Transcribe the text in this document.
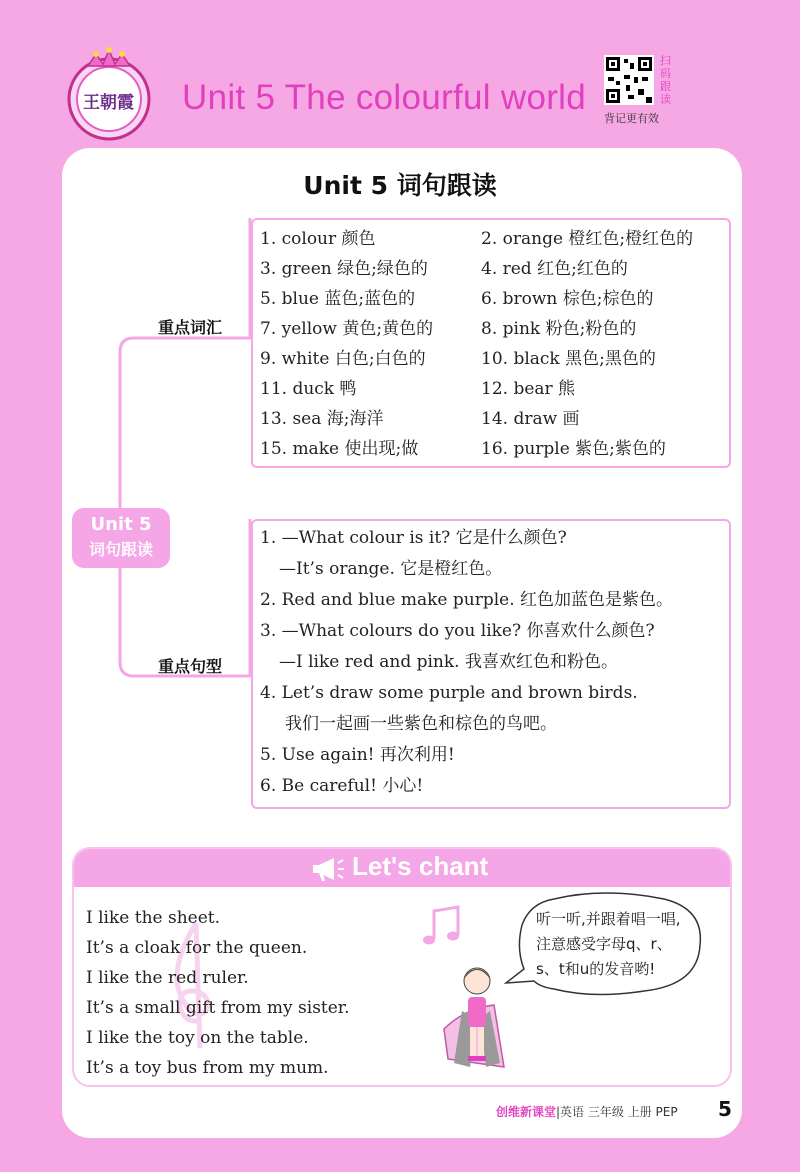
王朝霞 Unit 5 The colourful world
扫码跟读
背记更有效
Unit 5 词句跟读
Unit 5
词句跟读
重点词汇
重点句型
1. colour 颜色	2. orange 橙红色;橙红色的
3. green 绿色;绿色的	4. red 红色;红色的
5. blue 蓝色;蓝色的	6. brown 棕色;棕色的
7. yellow 黄色;黄色的	8. pink 粉色;粉色的
9. white 白色;白色的	10. black 黑色;黑色的
11. duck 鸭	12. bear 熊
13. sea 海;海洋	14. draw 画
15. make 使出现;做	16. purple 紫色;紫色的
1. —What colour is it? 它是什么颜色?
—It’s orange. 它是橙红色。
2. Red and blue make purple. 红色加蓝色是紫色。
3. —What colours do you like? 你喜欢什么颜色?
—I like red and pink. 我喜欢红色和粉色。
4. Let’s draw some purple and brown birds.
我们一起画一些紫色和棕色的鸟吧。
5. Use again! 再次利用!
6. Be careful! 小心!
Let's chant
I like the sheet.
It’s a cloak for the queen.
I like the red ruler.
It’s a small gift from my sister.
I like the toy on the table.
It’s a toy bus from my mum.
听一听,并跟着唱一唱,注意感受字母q、r、s、t和u的发音哟!
创维新课堂|英语 三年级 上册 PEP 5
